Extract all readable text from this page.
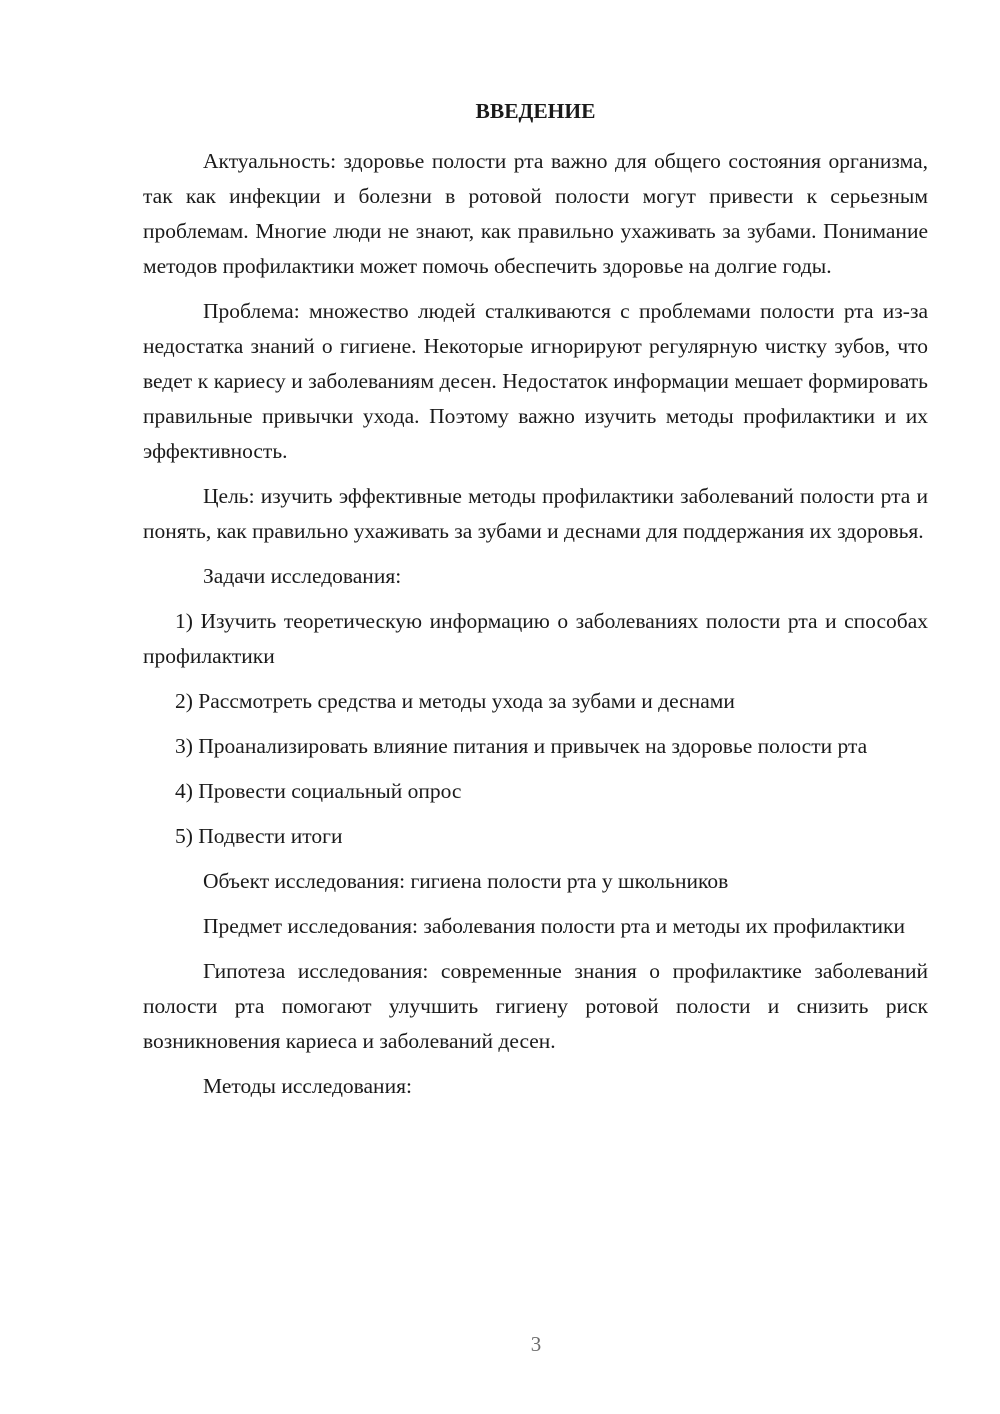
ВВЕДЕНИЕ

Актуальность: здоровье полости рта важно для общего состояния организма, так как инфекции и болезни в ротовой полости могут привести к серьезным проблемам. Многие люди не знают, как правильно ухаживать за зубами. Понимание методов профилактики может помочь обеспечить здоровье на долгие годы.

Проблема: множество людей сталкиваются с проблемами полости рта из-за недостатка знаний о гигиене. Некоторые игнорируют регулярную чистку зубов, что ведет к кариесу и заболеваниям десен. Недостаток информации мешает формировать правильные привычки ухода. Поэтому важно изучить методы профилактики и их эффективность.

Цель: изучить эффективные методы профилактики заболеваний полости рта и понять, как правильно ухаживать за зубами и деснами для поддержания их здоровья.

Задачи исследования:

1) Изучить теоретическую информацию о заболеваниях полости рта и способах профилактики

2) Рассмотреть средства и методы ухода за зубами и деснами

3) Проанализировать влияние питания и привычек на здоровье полости рта

4) Провести социальный опрос

5) Подвести итоги

Объект исследования: гигиена полости рта у школьников

Предмет исследования: заболевания полости рта и методы их профилактики

Гипотеза исследования: современные знания о профилактике заболеваний полости рта помогают улучшить гигиену ротовой полости и снизить риск возникновения кариеса и заболеваний десен.

Методы исследования:

3
